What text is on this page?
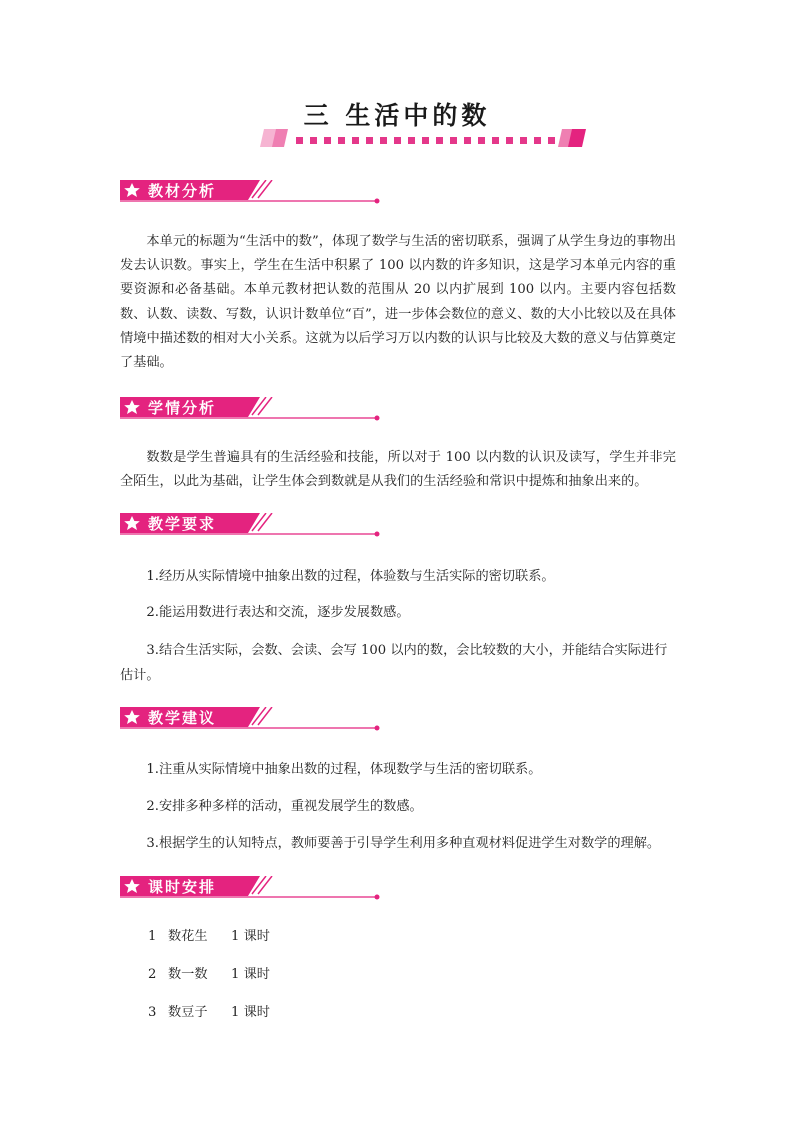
三 生活中的数
教材分析
本单元的标题为“生活中的数”，体现了数学与生活的密切联系，强调了从学生身边的事物出发去认识数。事实上，学生在生活中积累了 100 以内数的许多知识，这是学习本单元内容的重要资源和必备基础。本单元教材把认数的范围从 20 以内扩展到 100 以内。主要内容包括数数、认数、读数、写数，认识计数单位“百”，进一步体会数位的意义、数的大小比较以及在具体情境中描述数的相对大小关系。这就为以后学习万以内数的认识与比较及大数的意义与估算奠定了基础。
学情分析
数数是学生普遍具有的生活经验和技能，所以对于 100 以内数的认识及读写，学生并非完全陌生，以此为基础，让学生体会到数就是从我们的生活经验和常识中提炼和抽象出来的。
教学要求
1.经历从实际情境中抽象出数的过程，体验数与生活实际的密切联系。
2.能运用数进行表达和交流，逐步发展数感。
3.结合生活实际，会数、会读、会写 100 以内的数，会比较数的大小，并能结合实际进行估计。
教学建议
1.注重从实际情境中抽象出数的过程，体现数学与生活的密切联系。
2.安排多种多样的活动，重视发展学生的数感。
3.根据学生的认知特点，教师要善于引导学生利用多种直观材料促进学生对数学的理解。
课时安排
1 数花生 1 课时
2 数一数 1 课时
3 数豆子 1 课时
